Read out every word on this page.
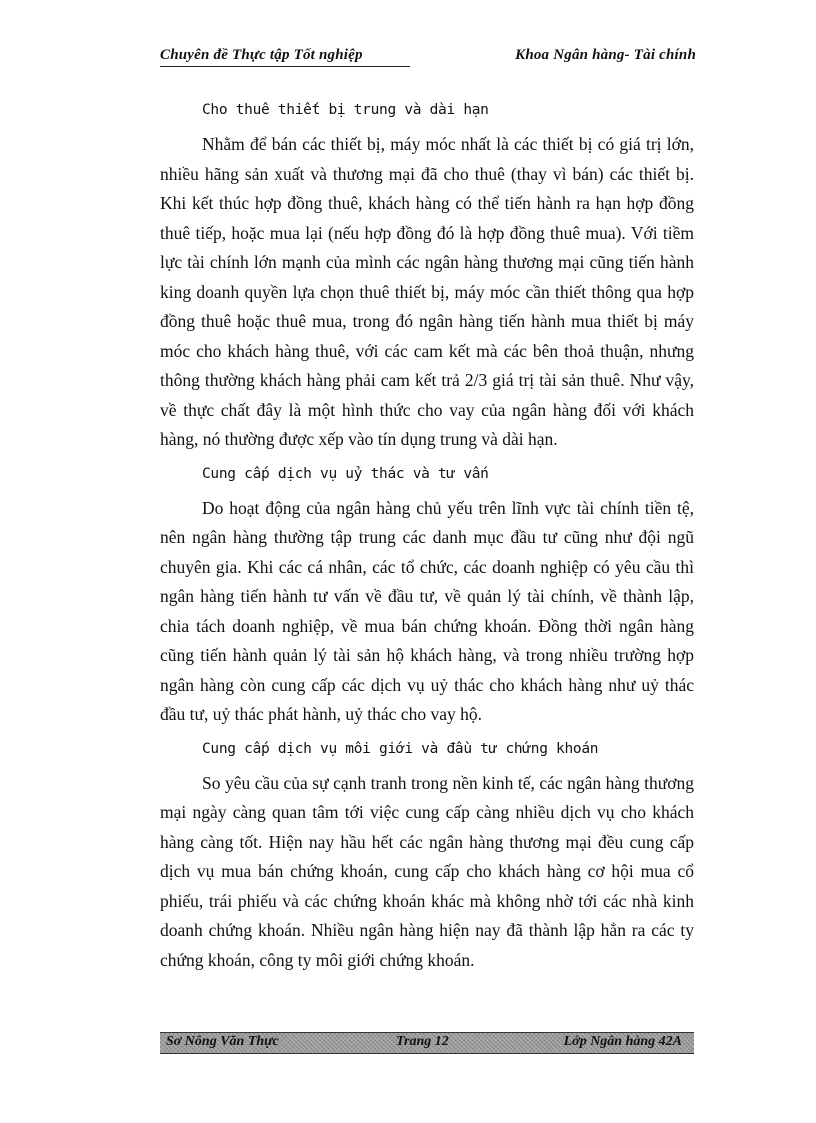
Chuyên đề Thực tập Tốt nghiệp	Khoa Ngân hàng- Tài chính
Cho thuê thiết bị trung và dài hạn

Nhằm để bán các thiết bị, máy móc nhất là các thiết bị có giá trị lớn, nhiều hãng sản xuất và thương mại đã cho thuê (thay vì bán) các thiết bị. Khi kết thúc hợp đồng thuê, khách hàng có thể tiến hành ra hạn hợp đồng thuê tiếp, hoặc mua lại (nếu hợp đồng đó là hợp đồng thuê mua). Với tiềm lực tài chính lớn mạnh của mình các ngân hàng thương mại cũng tiến hành king doanh quyền lựa chọn thuê thiết bị, máy móc cần thiết thông qua hợp đồng thuê hoặc thuê mua, trong đó ngân hàng tiến hành mua thiết bị máy móc cho khách hàng thuê, với các cam kết mà các bên thoả thuận, nhưng thông thường khách hàng phải cam kết trả 2/3 giá trị tài sản thuê. Như vậy, về thực chất đây là một hình thức cho vay của ngân hàng đối với khách hàng, nó thường được xếp vào tín dụng trung và dài hạn.

Cung cấp dịch vụ uỷ thác và tư vấn

Do hoạt động của ngân hàng chủ yếu trên lĩnh vực tài chính tiền tệ, nên ngân hàng thường tập trung các danh mục đầu tư cũng như đội ngũ chuyên gia. Khi các cá nhân, các tổ chức, các doanh nghiệp có yêu cầu thì ngân hàng tiến hành tư vấn về đầu tư, về quản lý tài chính, về thành lập, chia tách doanh nghiệp, về mua bán chứng khoán. Đồng thời ngân hàng cũng tiến hành quản lý tài sản hộ khách hàng, và trong nhiều trường hợp ngân hàng còn cung cấp các dịch vụ uỷ thác cho khách hàng như uỷ thác đầu tư, uỷ thác phát hành, uỷ thác cho vay hộ.

Cung cấp dịch vụ môi giới và đầu tư chứng khoán

So yêu cầu của sự cạnh tranh trong nền kinh tế, các ngân hàng thương mại ngày càng quan tâm tới việc cung cấp càng nhiều dịch vụ cho khách hàng càng tốt. Hiện nay hầu hết các ngân hàng thương mại đều cung cấp dịch vụ mua bán chứng khoán, cung cấp cho khách hàng cơ hội mua cổ phiếu, trái phiếu và các chứng khoán khác mà không nhờ tới các nhà kinh doanh chứng khoán. Nhiều ngân hàng hiện nay đã thành lập hẳn ra các ty chứng khoán, công ty môi giới chứng khoán.

Sơ Nông Văn Thực	Trang 12	Lớp Ngân hàng 42A
